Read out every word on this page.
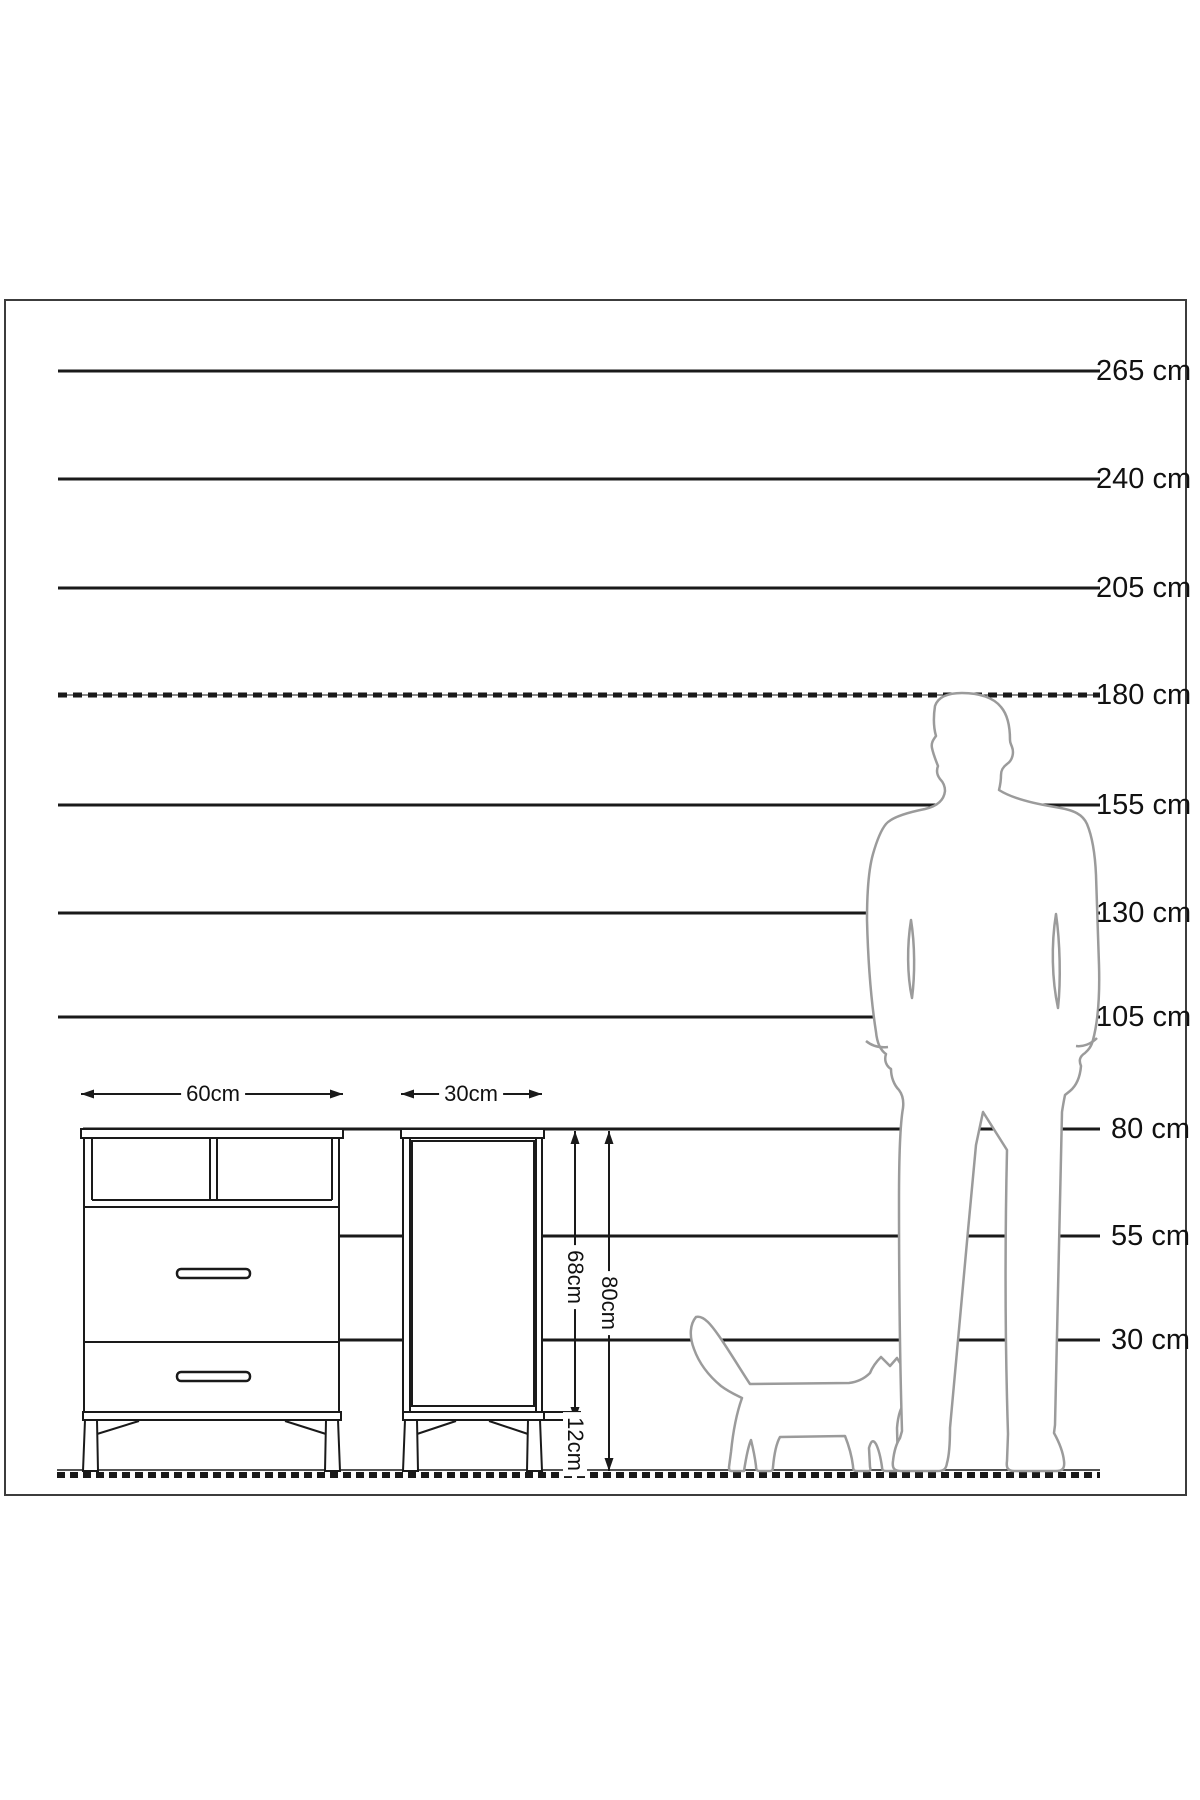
265 cm
240 cm
205 cm
180 cm
155 cm
130 cm
105 cm
80 cm
55 cm
30 cm
60cm	30cm
68cm
12cm
80cm
